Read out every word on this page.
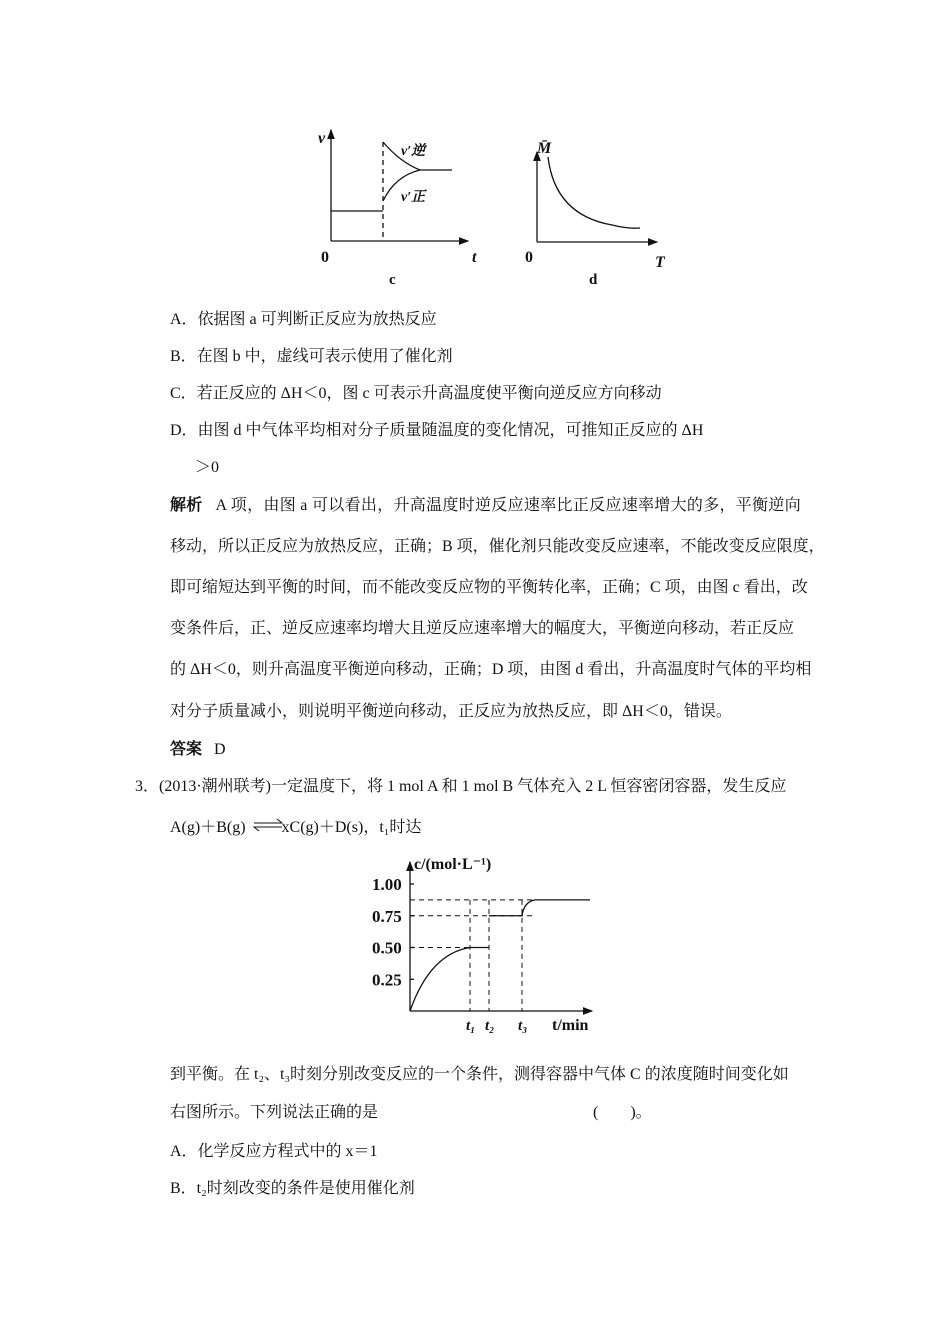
v
0	t
c
v′逆
v′正
M̄
0	T
d
1.00
0.75
0.50
0.25
t₁ t₂ t₃
c/(mol·L⁻¹)
t/min
A．依据图 a 可判断正反应为放热反应
B．在图 b 中，虚线可表示使用了催化剂
C．若正反应的 ΔH＜0，图 c 可表示升高温度使平衡向逆反应方向移动
D．由图 d 中气体平均相对分子质量随温度的变化情况，可推知正反应的 ΔH
＞0
解析 A 项，由图 a 可以看出，升高温度时逆反应速率比正反应速率增大的多，平衡逆向
移动，所以正反应为放热反应，正确；B 项，催化剂只能改变反应速率，不能改变反应限度，
即可缩短达到平衡的时间，而不能改变反应物的平衡转化率，正确；C 项，由图 c 看出，改
变条件后，正、逆反应速率均增大且逆反应速率增大的幅度大，平衡逆向移动，若正反应
的 ΔH＜0，则升高温度平衡逆向移动，正确；D 项，由图 d 看出，升高温度时气体的平均相
对分子质量减小，则说明平衡逆向移动，正反应为放热反应，即 ΔH＜0，错误。
答案 D
3．(2013·潮州联考)一定温度下，将 1 mol A 和 1 mol B 气体充入 2 L 恒容密闭容器，发生反应
A(g)＋B(g) xC(g)＋D(s)，t₁时达
到平衡。在 t₂、t₃时刻分别改变反应的一个条件，测得容器中气体 C 的浓度随时间变化如
右图所示。下列说法正确的是	(　　)。
A．化学反应方程式中的 x＝1
B．t₂时刻改变的条件是使用催化剂
